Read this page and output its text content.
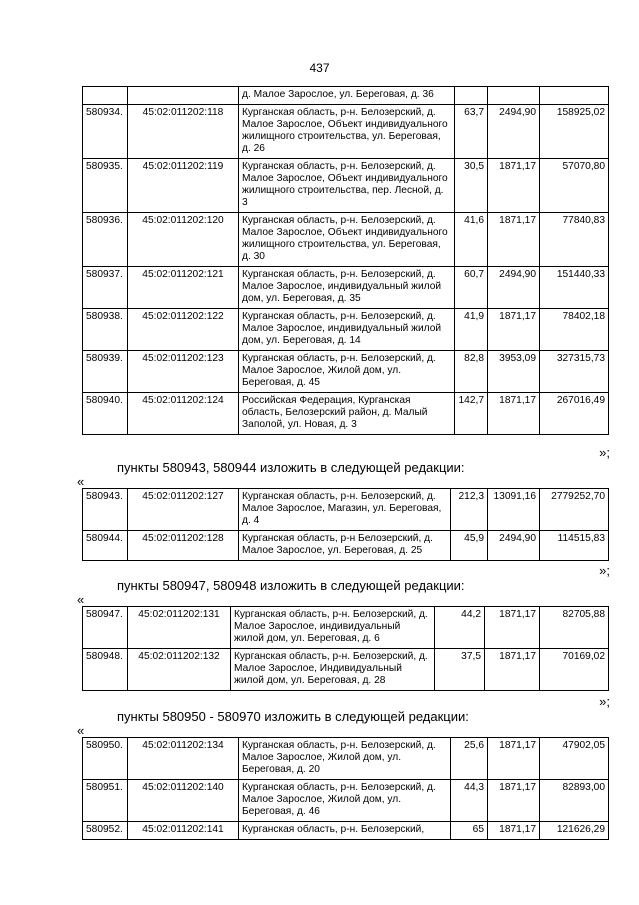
437
		д. Малое Зарослое, ул. Береговая, д. 36			
580934.	45:02:011202:118	Курганская область, р-н. Белозерский, д. Малое Зарослое, Объект индивидуального жилищного строительства, ул. Береговая, д. 26	63,7	2494,90	158925,02
580935.	45:02:011202:119	Курганская область, р-н. Белозерский, д. Малое Зарослое, Объект индивидуального жилищного строительства, пер. Лесной, д. 3	30,5	1871,17	57070,80
580936.	45:02:011202:120	Курганская область, р-н. Белозерский, д. Малое Зарослое, Объект индивидуального жилищного строительства, ул. Береговая, д. 30	41,6	1871,17	77840,83
580937.	45:02:011202:121	Курганская область, р-н. Белозерский, д. Малое Зарослое, индивидуальный жилой дом, ул. Береговая, д. 35	60,7	2494,90	151440,33
580938.	45:02:011202:122	Курганская область, р-н. Белозерский, д. Малое Зарослое, индивидуальный жилой дом, ул. Береговая, д. 14	41,9	1871,17	78402,18
580939.	45:02:011202:123	Курганская область, р-н. Белозерский, д. Малое Зарослое, Жилой дом, ул. Береговая, д. 45	82,8	3953,09	327315,73
580940.	45:02:011202:124	Российская Федерация, Курганская область, Белозерский район, д. Малый Заполой, ул. Новая, д. 3	142,7	1871,17	267016,49
»;
пункты 580943, 580944 изложить в следующей редакции:
«
580943.	45:02:011202:127	Курганская область, р-н. Белозерский, д. Малое Зарослое, Магазин, ул. Береговая, д. 4	212,3	13091,16	2779252,70
580944.	45:02:011202:128	Курганская область, р-н Белозерский, д. Малое Зарослое, ул. Береговая, д. 25	45,9	2494,90	114515,83
»;
пункты 580947, 580948 изложить в следующей редакции:
«
580947.	45:02:011202:131	Курганская область, р-н. Белозерский, д. Малое Зарослое, индивидуальный жилой дом, ул. Береговая, д. 6	44,2	1871,17	82705,88
580948.	45:02:011202:132	Курганская область, р-н. Белозерский, д. Малое Зарослое, Индивидуальный жилой дом, ул. Береговая, д. 28	37,5	1871,17	70169,02
»;
пункты 580950 - 580970 изложить в следующей редакции:
«
580950.	45:02:011202:134	Курганская область, р-н. Белозерский, д. Малое Зарослое, Жилой дом, ул. Береговая, д. 20	25,6	1871,17	47902,05
580951.	45:02:011202:140	Курганская область, р-н. Белозерский, д. Малое Зарослое, Жилой дом, ул. Береговая, д. 46	44,3	1871,17	82893,00
580952.	45:02:011202:141	Курганская область, р-н. Белозерский,	65	1871,17	121626,29
